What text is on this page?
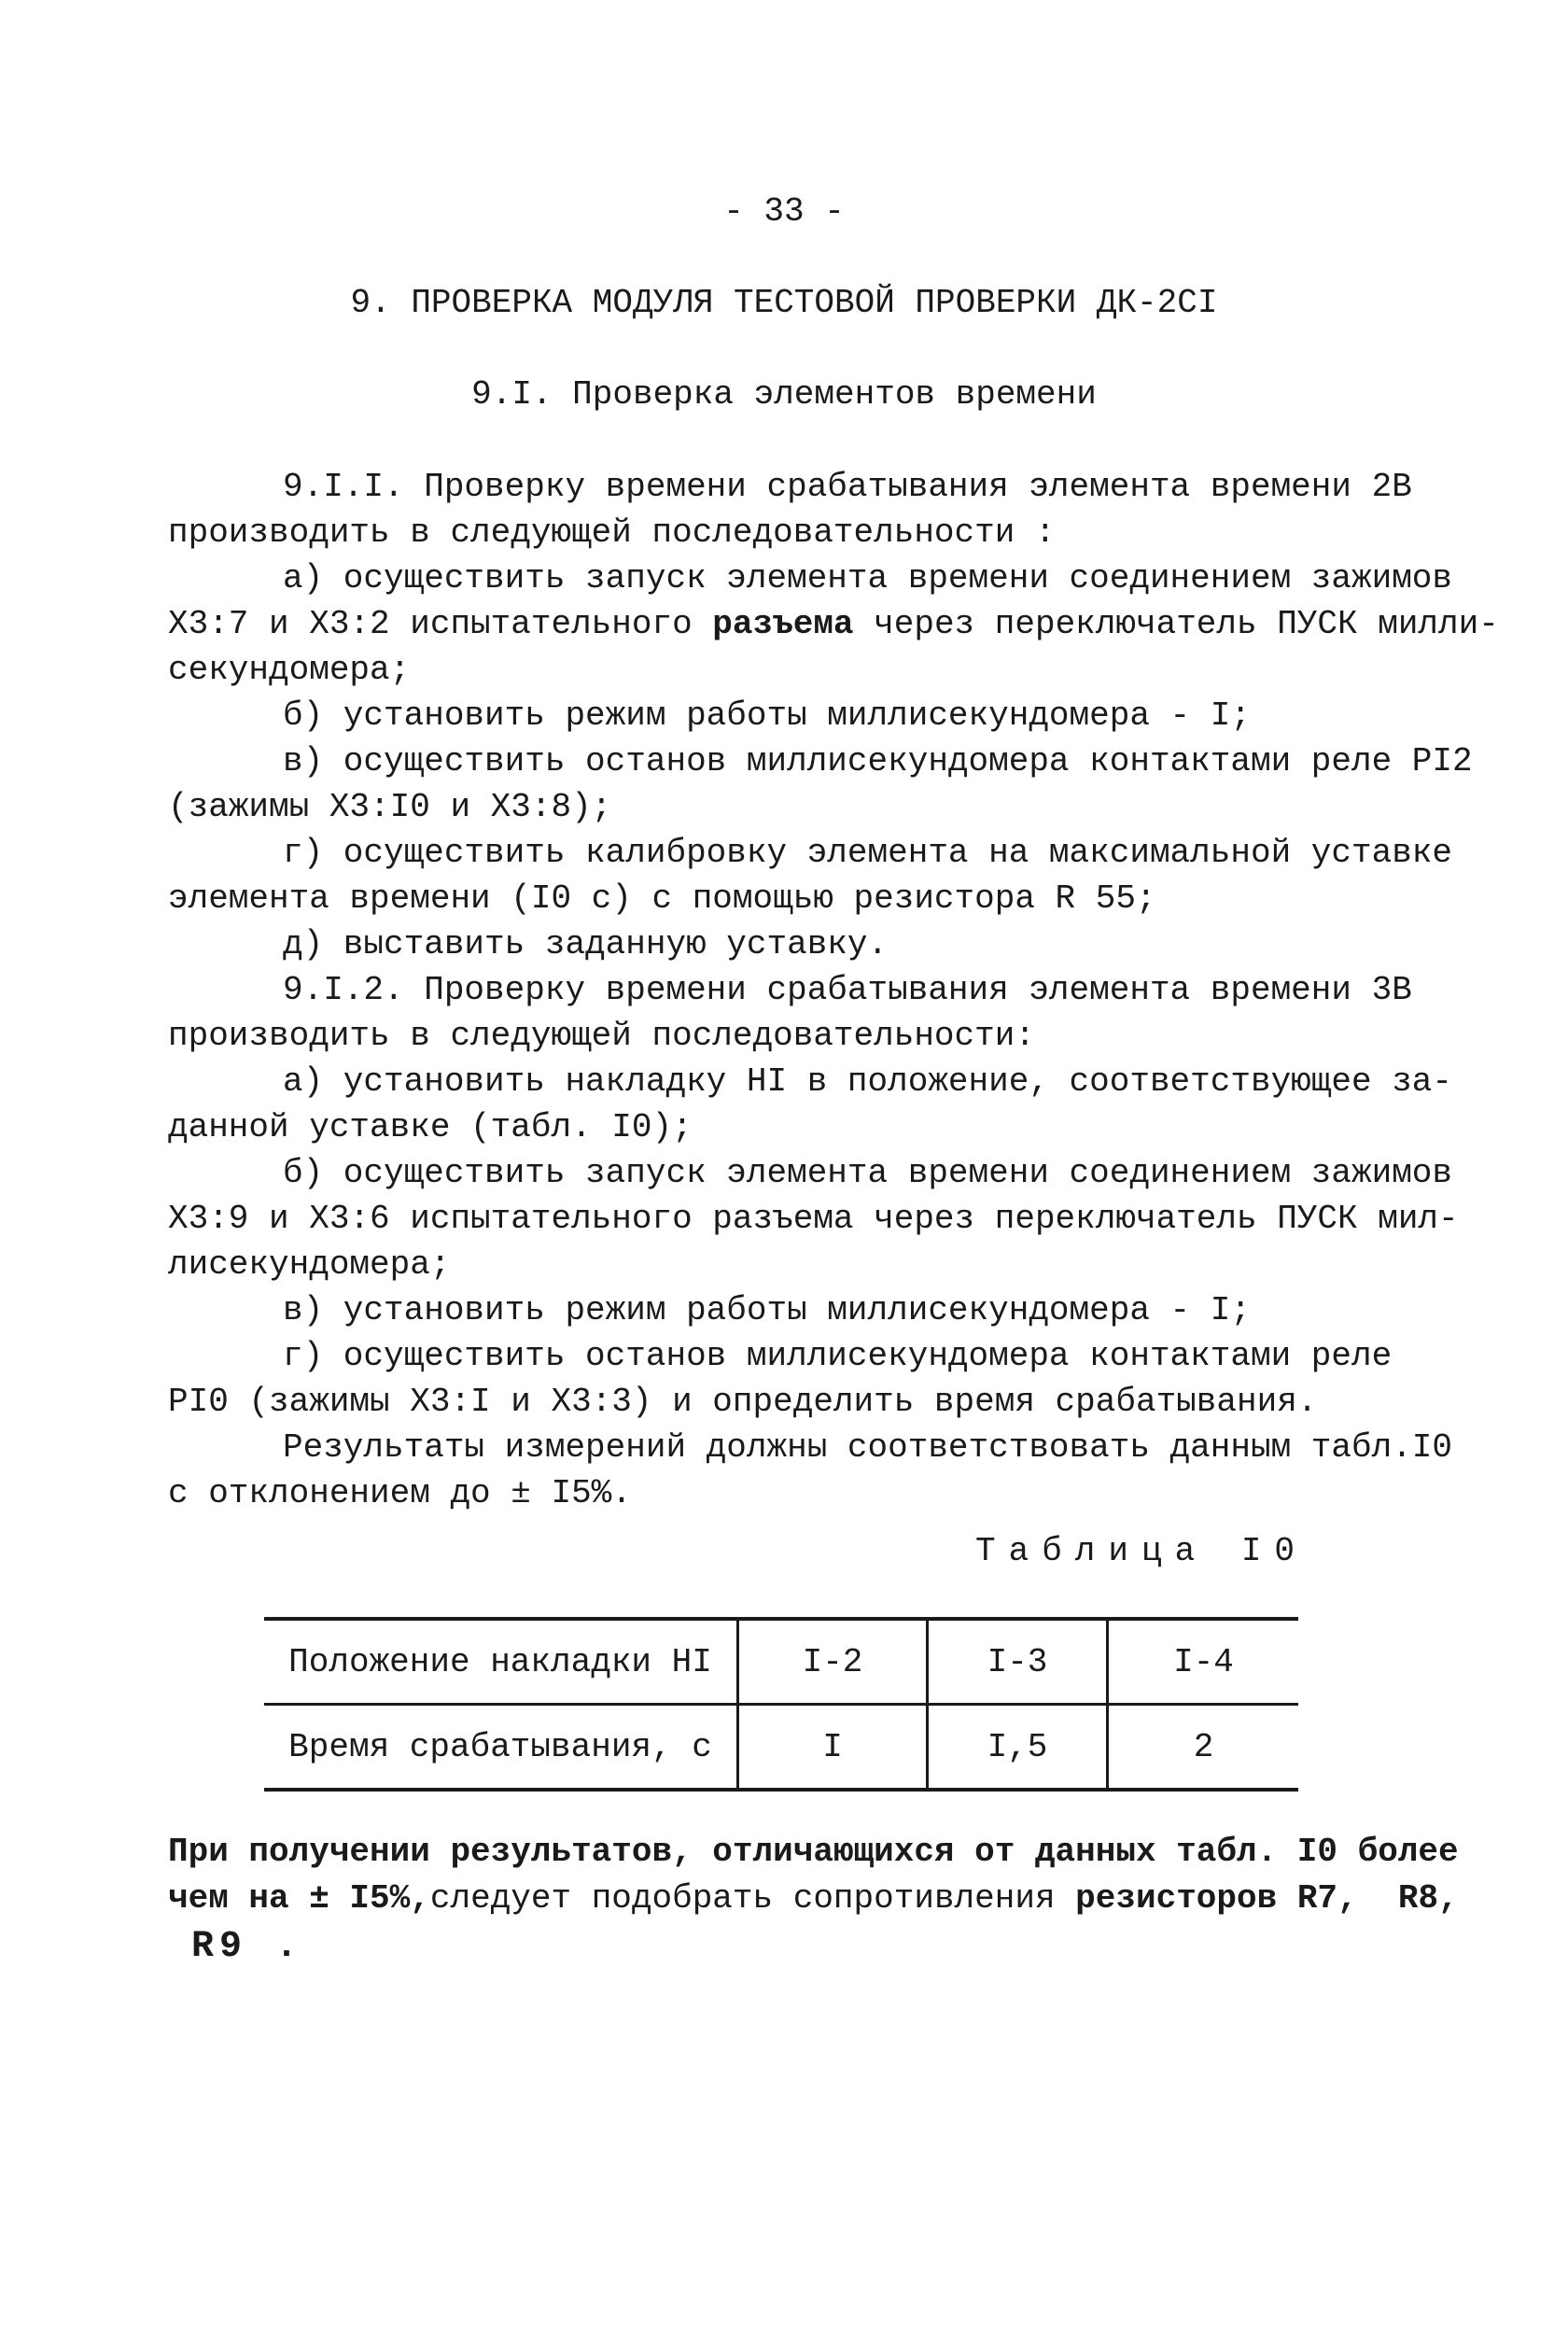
- 33 -
9. ПРОВЕРКА МОДУЛЯ ТЕСТОВОЙ ПРОВЕРКИ ДК-2СI
9.I. Проверка элементов времени
9.I.I. Проверку времени срабатывания элемента времени 2В
производить в следующей последовательности :
а) осуществить запуск элемента времени соединением зажимов
Х3:7 и Х3:2 испытательного разъема через переключатель ПУСК милли-
секундомера;
б) установить режим работы миллисекундомера - I;
в) осуществить останов миллисекундомера контактами реле РI2
(зажимы Х3:I0 и Х3:8);
г) осуществить калибровку элемента на максимальной уставке
элемента времени (I0 с) с помощью резистора R 55;
д) выставить заданную уставку.
9.I.2. Проверку времени срабатывания элемента времени 3В
производить в следующей последовательности:
а) установить накладку НI в положение, соответствующее за-
данной уставке (табл. I0);
б) осуществить запуск элемента времени соединением зажимов
Х3:9 и Х3:6 испытательного разъема через переключатель ПУСК мил-
лисекундомера;
в) установить режим работы миллисекундомера - I;
г) осуществить останов миллисекундомера контактами реле
РI0 (зажимы Х3:I и Х3:3) и определить время срабатывания.
Результаты измерений должны соответствовать данным табл.I0
с отклонением до ± I5%.
Таблица I0
Положение накладки НI	I-2	I-3	I-4
Время срабатывания, с	I	I,5	2
При получении результатов, отличающихся от данных табл. I0 более
чем на ± I5%,следует подобрать сопротивления резисторов R7,  R8,
R9 .
